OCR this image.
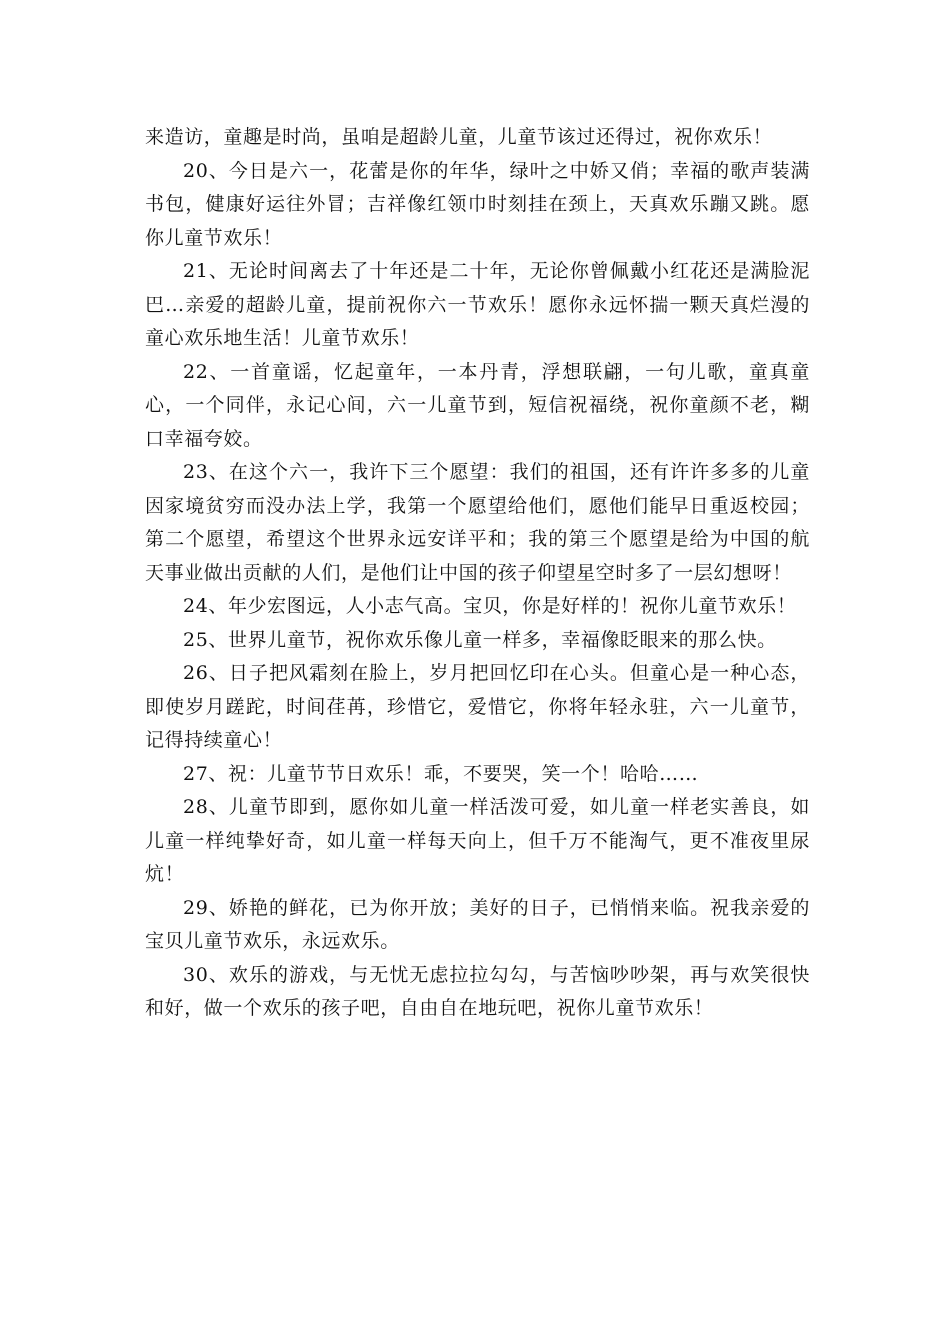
来造访，童趣是时尚，虽咱是超龄儿童，儿童节该过还得过，祝你欢乐！

20、今日是六一，花蕾是你的年华，绿叶之中娇又俏；幸福的歌声装满书包，健康好运往外冒；吉祥像红领巾时刻挂在颈上，天真欢乐蹦又跳。愿你儿童节欢乐！

21、无论时间离去了十年还是二十年，无论你曾佩戴小红花还是满脸泥巴…亲爱的超龄儿童，提前祝你六一节欢乐！愿你永远怀揣一颗天真烂漫的童心欢乐地生活！儿童节欢乐！

22、一首童谣，忆起童年，一本丹青，浮想联翩，一句儿歌，童真童心，一个同伴，永记心间，六一儿童节到，短信祝福绕，祝你童颜不老，糊口幸福夸姣。

23、在这个六一，我许下三个愿望：我们的祖国，还有许许多多的儿童因家境贫穷而没办法上学，我第一个愿望给他们，愿他们能早日重返校园；第二个愿望，希望这个世界永远安详平和；我的第三个愿望是给为中国的航天事业做出贡献的人们，是他们让中国的孩子仰望星空时多了一层幻想呀！

24、年少宏图远，人小志气高。宝贝，你是好样的！祝你儿童节欢乐！

25、世界儿童节，祝你欢乐像儿童一样多，幸福像眨眼来的那么快。

26、日子把风霜刻在脸上，岁月把回忆印在心头。但童心是一种心态，即使岁月蹉跎，时间荏苒，珍惜它，爱惜它，你将年轻永驻，六一儿童节，记得持续童心！

27、祝：儿童节节日欢乐！乖，不要哭，笑一个！哈哈……

28、儿童节即到，愿你如儿童一样活泼可爱，如儿童一样老实善良，如儿童一样纯挚好奇，如儿童一样每天向上，但千万不能淘气，更不准夜里尿炕！

29、娇艳的鲜花，已为你开放；美好的日子，已悄悄来临。祝我亲爱的宝贝儿童节欢乐，永远欢乐。

30、欢乐的游戏，与无忧无虑拉拉勾勾，与苦恼吵吵架，再与欢笑很快和好，做一个欢乐的孩子吧，自由自在地玩吧，祝你儿童节欢乐！
